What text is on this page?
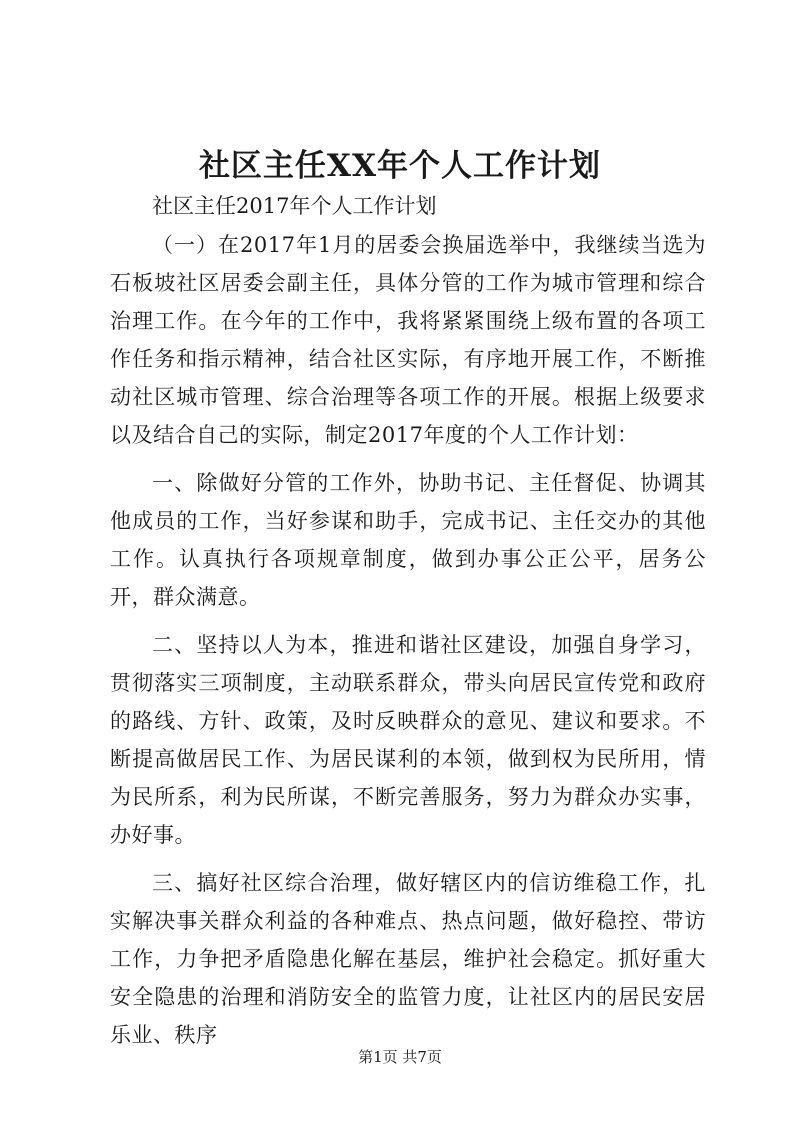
社区主任XX年个人工作计划

社区主任2017年个人工作计划

（一）在2017年1月的居委会换届选举中，我继续当选为石板坡社区居委会副主任，具体分管的工作为城市管理和综合治理工作。在今年的工作中，我将紧紧围绕上级布置的各项工作任务和指示精神，结合社区实际，有序地开展工作，不断推动社区城市管理、综合治理等各项工作的开展。根据上级要求以及结合自己的实际，制定2017年度的个人工作计划：

一、除做好分管的工作外，协助书记、主任督促、协调其他成员的工作，当好参谋和助手，完成书记、主任交办的其他工作。认真执行各项规章制度，做到办事公正公平，居务公开，群众满意。

二、坚持以人为本，推进和谐社区建设，加强自身学习，贯彻落实三项制度，主动联系群众，带头向居民宣传党和政府的路线、方针、政策，及时反映群众的意见、建议和要求。不断提高做居民工作、为居民谋利的本领，做到权为民所用，情为民所系，利为民所谋，不断完善服务，努力为群众办实事，办好事。

三、搞好社区综合治理，做好辖区内的信访维稳工作，扎实解决事关群众利益的各种难点、热点问题，做好稳控、带访工作，力争把矛盾隐患化解在基层，维护社会稳定。抓好重大安全隐患的治理和消防安全的监管力度，让社区内的居民安居乐业、秩序

第1页 共7页
